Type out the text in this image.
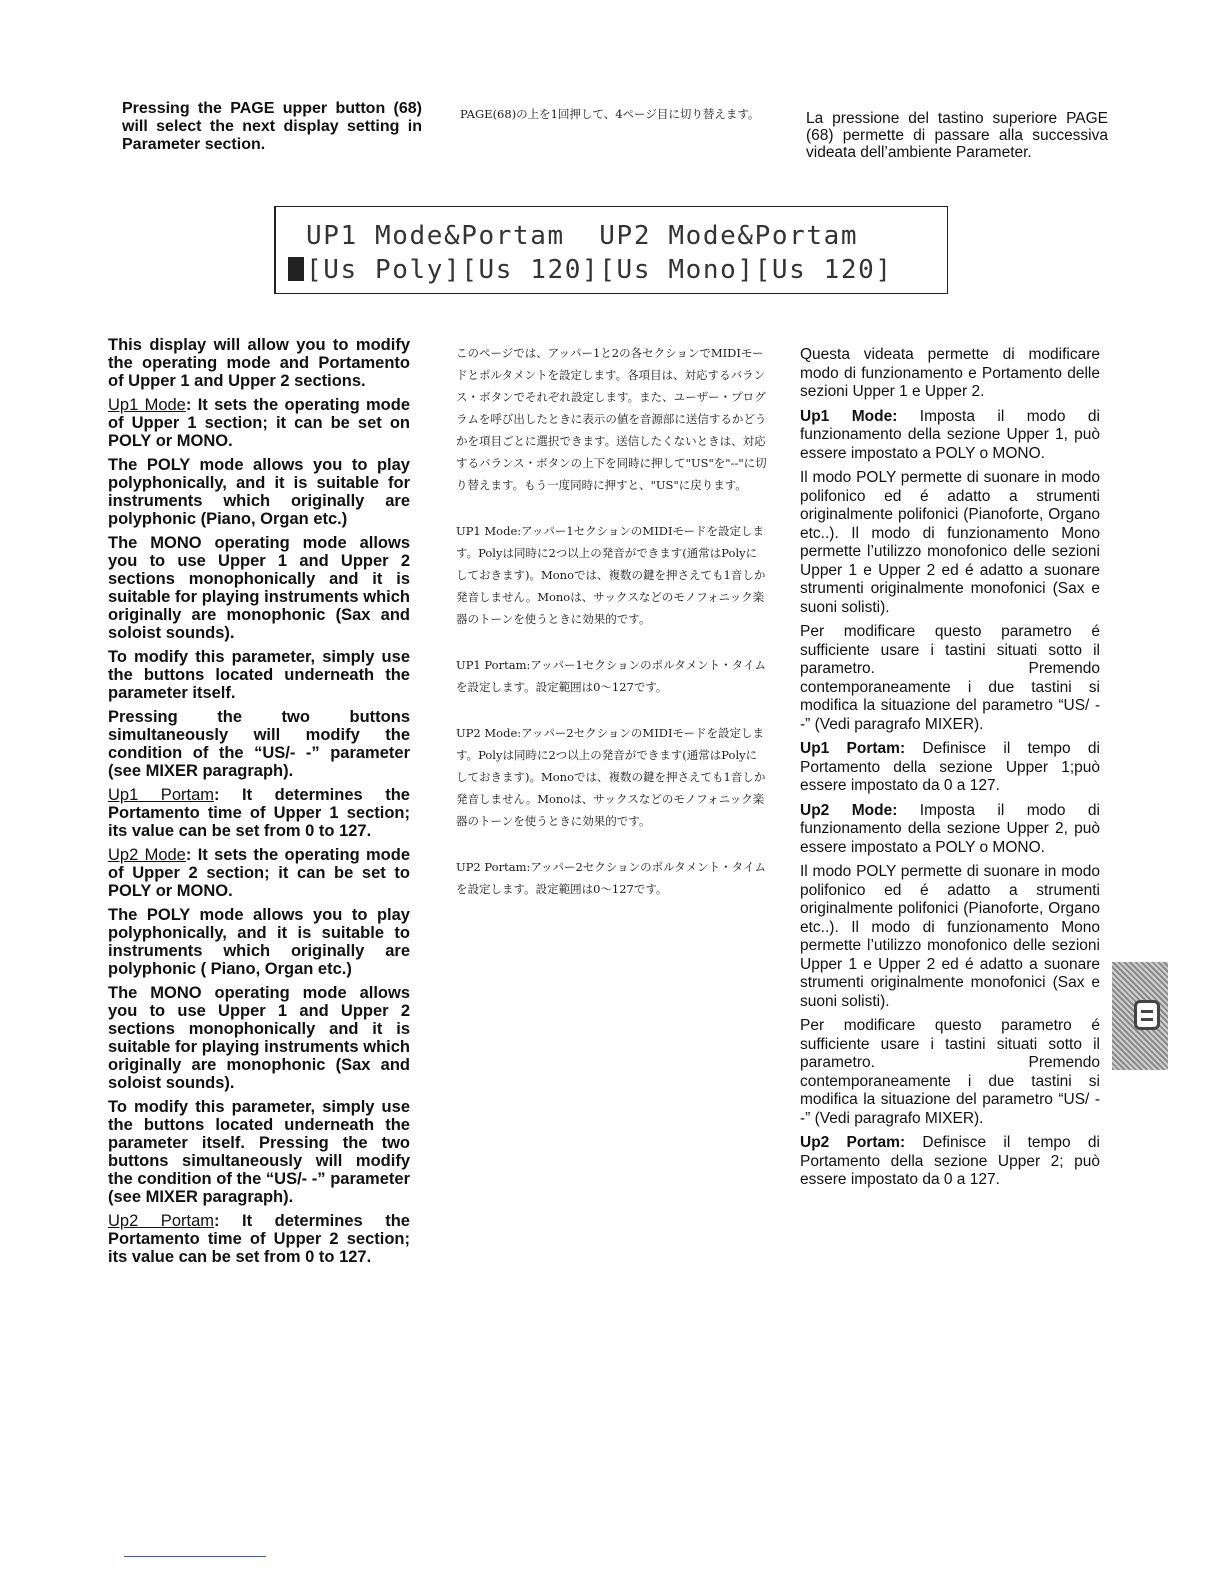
Pressing the PAGE upper button (68) will select the next display setting in Parameter section.

PAGE(68)の上を1回押して、4ページ目に切り替えます。	La pressione del tastino superiore PAGE (68) permette di passare alla successiva videata dell’ambiente Parameter.

UP1 Mode&Portam  UP2 Mode&Portam
[Us Poly][Us 120][Us Mono][Us 120]

This display will allow you to modify the operating mode and Portamento of Upper 1 and Upper 2 sections.

Up1 Mode: It sets the operating mode of Upper 1 section; it can be set on POLY or MONO.

The POLY mode allows you to play polyphonically, and it is suitable for instruments which originally are polyphonic (Piano, Organ etc.)

The MONO operating mode allows you to use Upper 1 and Upper 2 sections monophonically and it is suitable for playing instruments which originally are monophonic (Sax and soloist sounds).

To modify this parameter, simply use the buttons located underneath the parameter itself.

Pressing the two buttons simultaneously will modify the condition of the “US/- -” parameter (see MIXER paragraph).

Up1 Portam: It determines the Portamento time of Upper 1 section; its value can be set from 0 to 127.

Up2 Mode: It sets the operating mode of Upper 2 section; it can be set to POLY or MONO.

The POLY mode allows you to play polyphonically, and it is suitable to instruments which originally are polyphonic ( Piano, Organ etc.)

The MONO operating mode allows you to use Upper 1 and Upper 2 sections monophonically and it is suitable for playing instruments which originally are monophonic (Sax and soloist sounds).

To modify this parameter, simply use the buttons located underneath the parameter itself. Pressing the two buttons simultaneously will modify the condition of the “US/- -” parameter (see MIXER paragraph).

Up2 Portam: It determines the Portamento time of Upper 2 section; its value can be set from 0 to 127.

このページでは、アッパー1と2の各セクションでMIDIモードとポルタメントを設定します。各項目は、対応するバランス・ボタンでそれぞれ設定します。また、ユーザー・プログラムを呼び出したときに表示の値を音源部に送信するかどうかを項目ごとに選択できます。送信したくないときは、対応するバランス・ボタンの上下を同時に押して"US"を"--"に切り替えます。もう一度同時に押すと、"US"に戻ります。

UP1 Mode:アッパー1セクションのMIDIモードを設定します。Polyは同時に2つ以上の発音ができます(通常はPolyにしておきます)。Monoでは、複数の鍵を押さえても1音しか発音しません。Monoは、サックスなどのモノフォニック楽器のトーンを使うときに効果的です。

UP1 Portam:アッパー1セクションのポルタメント・タイムを設定します。設定範囲は0～127です。

UP2 Mode:アッパー2セクションのMIDIモードを設定します。Polyは同時に2つ以上の発音ができます(通常はPolyにしておきます)。Monoでは、複数の鍵を押さえても1音しか発音しません。Monoは、サックスなどのモノフォニック楽器のトーンを使うときに効果的です。

UP2 Portam:アッパー2セクションのポルタメント・タイムを設定します。設定範囲は0～127です。

Questa videata permette di modificare modo di funzionamento e Portamento delle sezioni Upper 1 e Upper 2.

Up1 Mode: Imposta il modo di funzionamento della sezione Upper 1, può essere impostato a POLY o MONO.

Il modo POLY permette di suonare in modo polifonico ed é adatto a strumenti originalmente polifonici (Pianoforte, Organo etc..). Il modo di funzionamento Mono permette l’utilizzo monofonico delle sezioni Upper 1 e Upper 2 ed é adatto a suonare strumenti originalmente monofonici (Sax e suoni solisti).

Per modificare questo parametro é sufficiente usare i tastini situati sotto il parametro. Premendo contemporaneamente i due tastini si modifica la situazione del parametro “US/ - -” (Vedi paragrafo MIXER).

Up1 Portam: Definisce il tempo di Portamento della sezione Upper 1;può essere impostato da 0 a 127.

Up2 Mode: Imposta il modo di funzionamento della sezione Upper 2, può essere impostato a POLY o MONO.

Il modo POLY permette di suonare in modo polifonico ed é adatto a strumenti originalmente polifonici (Pianoforte, Organo etc..). Il modo di funzionamento Mono permette l’utilizzo monofonico delle sezioni Upper 1 e Upper 2 ed é adatto a suonare strumenti originalmente monofonici (Sax e suoni solisti).

Per modificare questo parametro é sufficiente usare i tastini situati sotto il parametro. Premendo contemporaneamente i due tastini si modifica la situazione del parametro “US/ - -” (Vedi paragrafo MIXER).

Up2 Portam: Definisce il tempo di Portamento della sezione Upper 2; può essere impostato da 0 a 127.
